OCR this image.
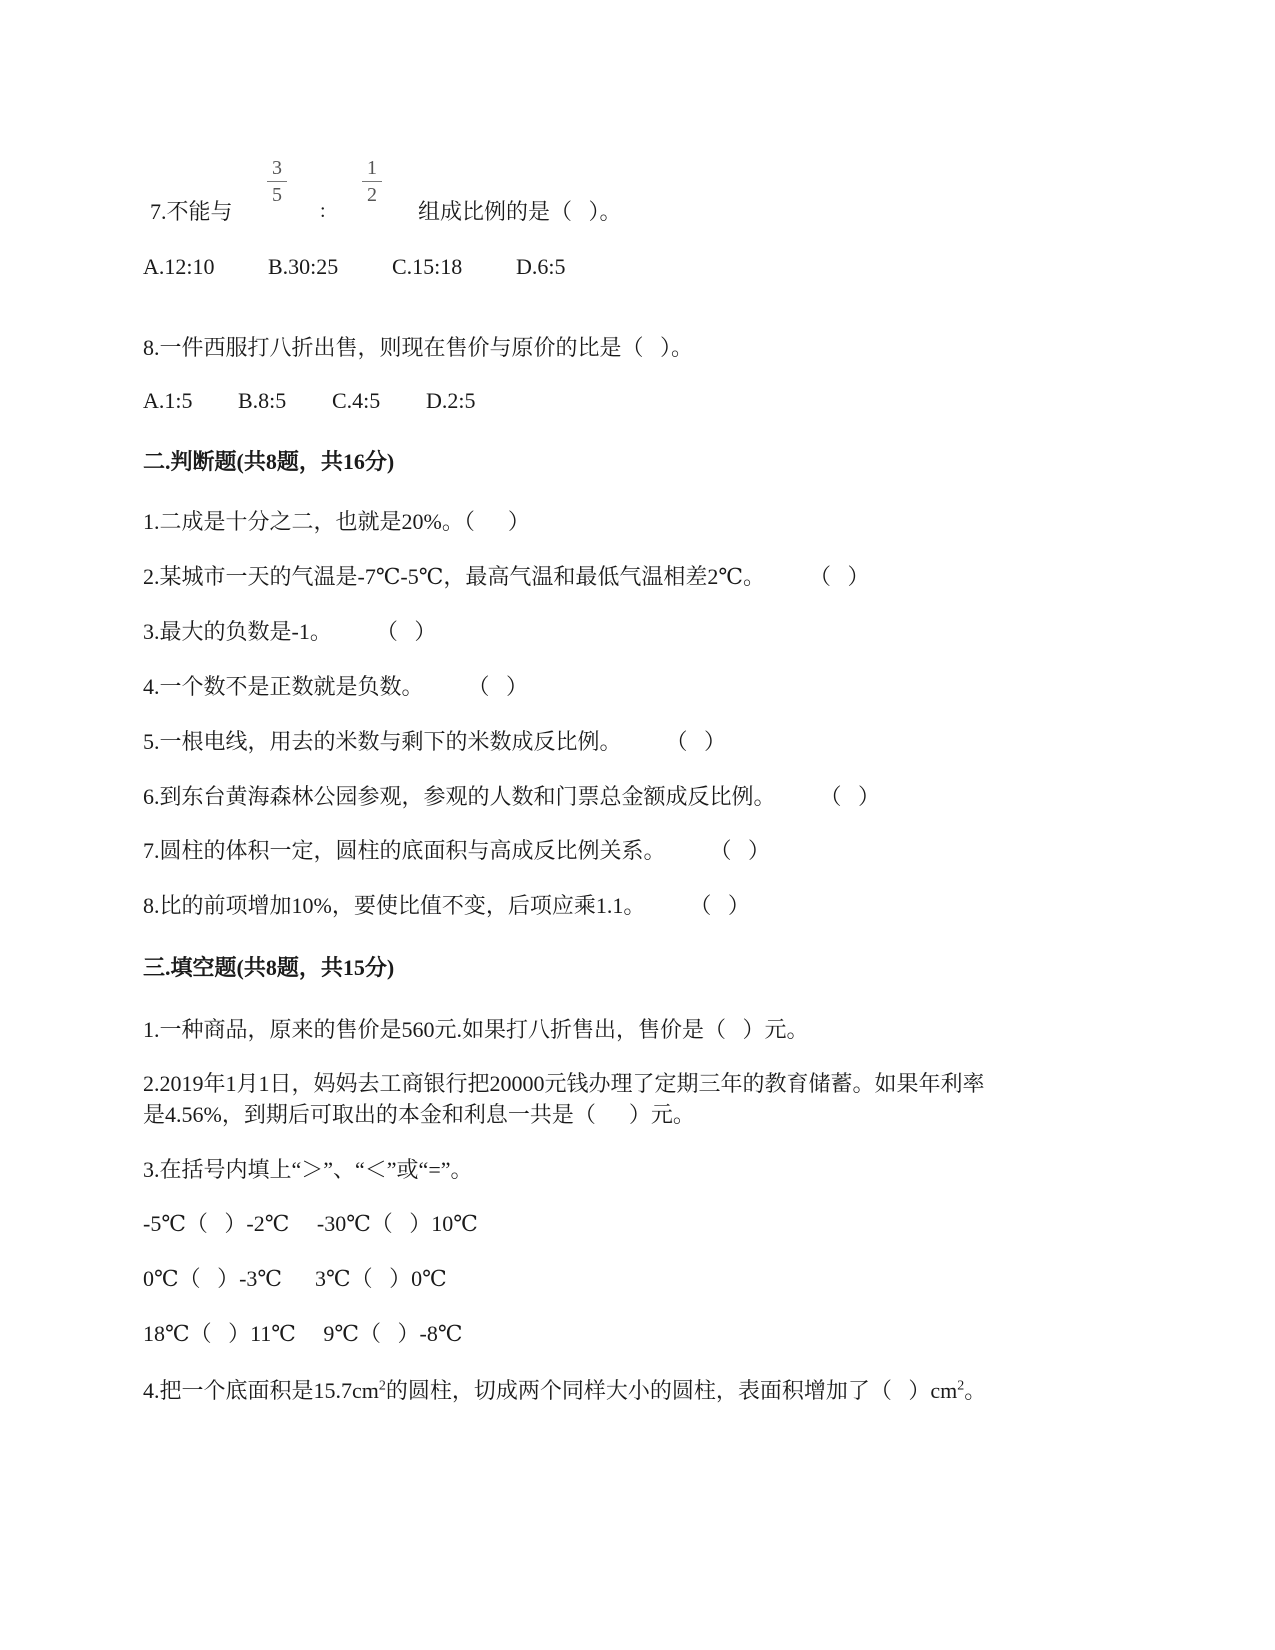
7.不能与
3
5
:
1
2
组成比例的是（   ）。
A.12:10 B.30:25 C.15:18 D.6:5
8.一件西服打八折出售，则现在售价与原价的比是（   ）。
A.1:5 B.8:5 C.4:5 D.2:5
二.判断题(共8题，共16分)
1.二成是十分之二，也就是20%。（      ）
2.某城市一天的气温是-7℃-5℃，最高气温和最低气温相差2℃。        （   ）
3.最大的负数是-1。        （   ）
4.一个数不是正数就是负数。        （   ）
5.一根电线，用去的米数与剩下的米数成反比例。        （   ）
6.到东台黄海森林公园参观，参观的人数和门票总金额成反比例。        （   ）
7.圆柱的体积一定，圆柱的底面积与高成反比例关系。        （   ）
8.比的前项增加10%，要使比值不变，后项应乘1.1。        （   ）
三.填空题(共8题，共15分)
1.一种商品，原来的售价是560元.如果打八折售出，售价是（   ）元。
2.2019年1月1日，妈妈去工商银行把20000元钱办理了定期三年的教育储蓄。如果年利率
是4.56%，到期后可取出的本金和利息一共是（      ）元。
3.在括号内填上“＞”、“＜”或“=”。
-5℃（   ）-2℃     -30℃（   ）10℃
0℃（   ）-3℃      3℃（   ）0℃
18℃（   ）11℃     9℃（   ）-8℃
4.把一个底面积是$15.7cm^2$的圆柱，切成两个同样大小的圆柱，表面积增加了（   ）$cm^2$。
